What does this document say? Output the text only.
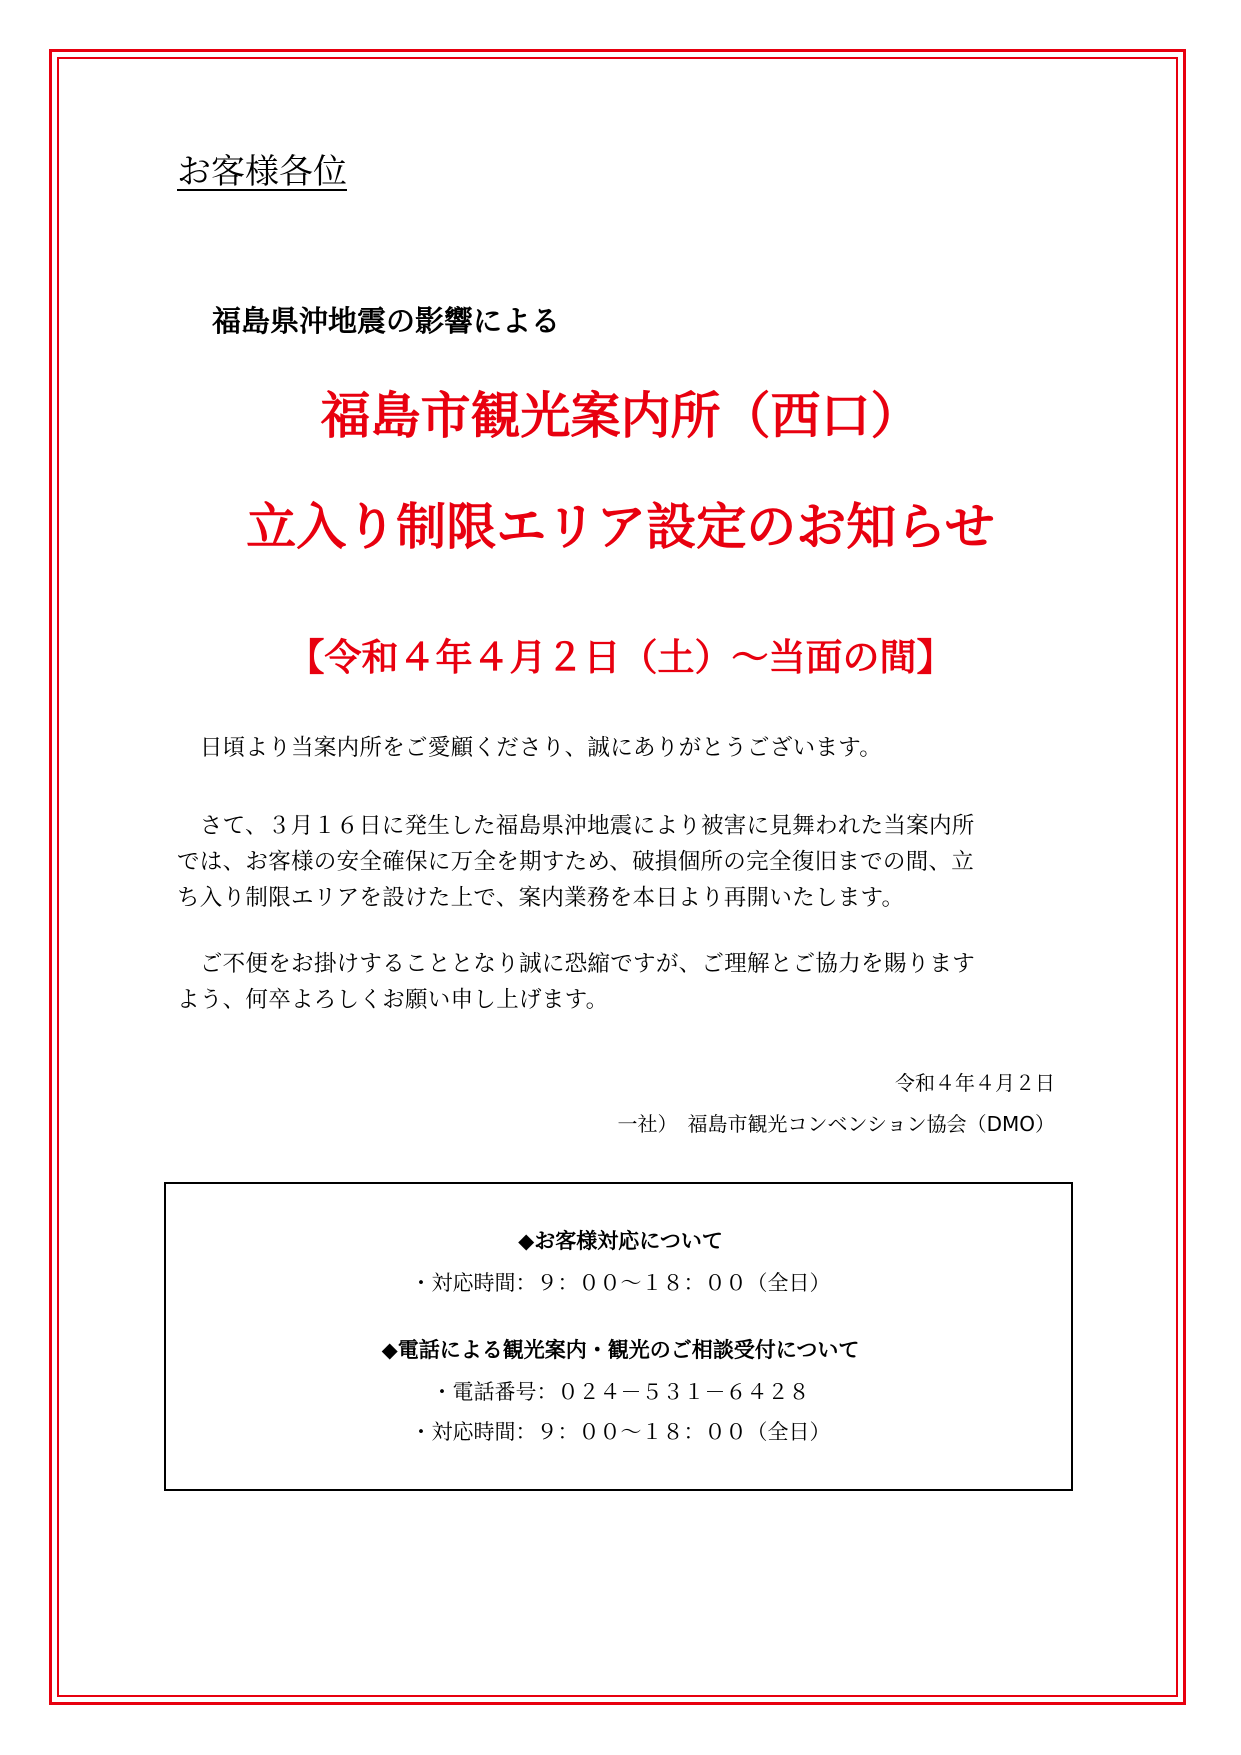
お客様各位
福島県沖地震の影響による
福島市観光案内所（西口）
立入り制限エリア設定のお知らせ
【令和４年４月２日（土）～当面の間】
　日頃より当案内所をご愛顧くださり、誠にありがとうございます。
　さて、３月１６日に発生した福島県沖地震により被害に見舞われた当案内所
では、お客様の安全確保に万全を期すため、破損個所の完全復旧までの間、立
ち入り制限エリアを設けた上で、案内業務を本日より再開いたします。
　ご不便をお掛けすることとなり誠に恐縮ですが、ご理解とご協力を賜ります
よう、何卒よろしくお願い申し上げます。
令和４年４月２日
一社）　福島市観光コンベンション協会（DMO）
◆お客様対応について
・対応時間：９：００～１８：００（全日）
◆電話による観光案内・観光のご相談受付について
・電話番号：０２４－５３１－６４２８
・対応時間：９：００～１８：００（全日）
